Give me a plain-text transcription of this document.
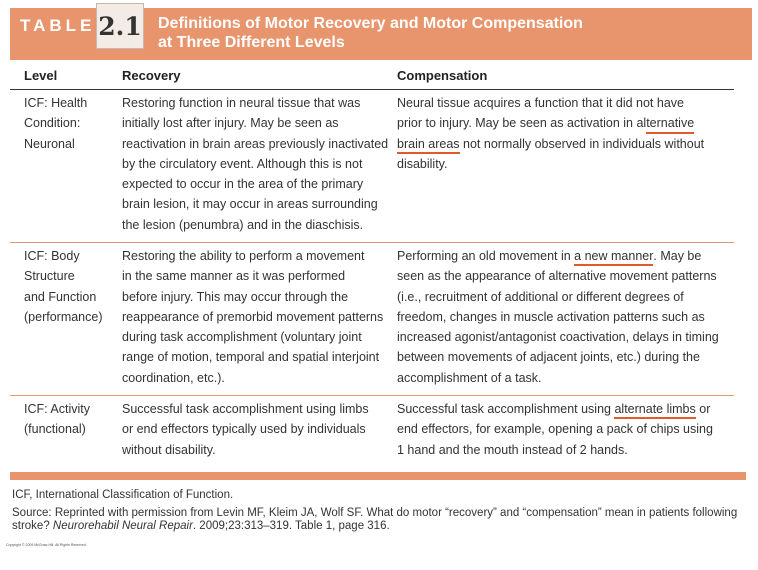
TABLE 2.1 Definitions of Motor Recovery and Motor Compensation
at Three Different Levels
Level	Recovery	Compensation
ICF: Health
Condition:
Neuronal
Restoring function in neural tissue that was
initially lost after injury. May be seen as
reactivation in brain areas previously inactivated
by the circulatory event. Although this is not
expected to occur in the area of the primary
brain lesion, it may occur in areas surrounding
the lesion (penumbra) and in the diaschisis.
Neural tissue acquires a function that it did not have
prior to injury. May be seen as activation in alternative
brain areas not normally observed in individuals without
disability.
ICF: Body
Structure
and Function
(performance)
Restoring the ability to perform a movement
in the same manner as it was performed
before injury. This may occur through the
reappearance of premorbid movement patterns
during task accomplishment (voluntary joint
range of motion, temporal and spatial interjoint
coordination, etc.).
Performing an old movement in a new manner. May be
seen as the appearance of alternative movement patterns
(i.e., recruitment of additional or different degrees of
freedom, changes in muscle activation patterns such as
increased agonist/antagonist coactivation, delays in timing
between movements of adjacent joints, etc.) during the
accomplishment of a task.
ICF: Activity
(functional)
Successful task accomplishment using limbs
or end effectors typically used by individuals
without disability.
Successful task accomplishment using alternate limbs or
end effectors, for example, opening a pack of chips using
1 hand and the mouth instead of 2 hands.
ICF, International Classification of Function.
Source: Reprinted with permission from Levin MF, Kleim JA, Wolf SF. What do motor “recovery” and “compensation” mean in patients following
stroke? Neurorehabil Neural Repair. 2009;23:313–319. Table 1, page 316.
Copyright © 2009 McGraw-Hill. All Rights Reserved.
